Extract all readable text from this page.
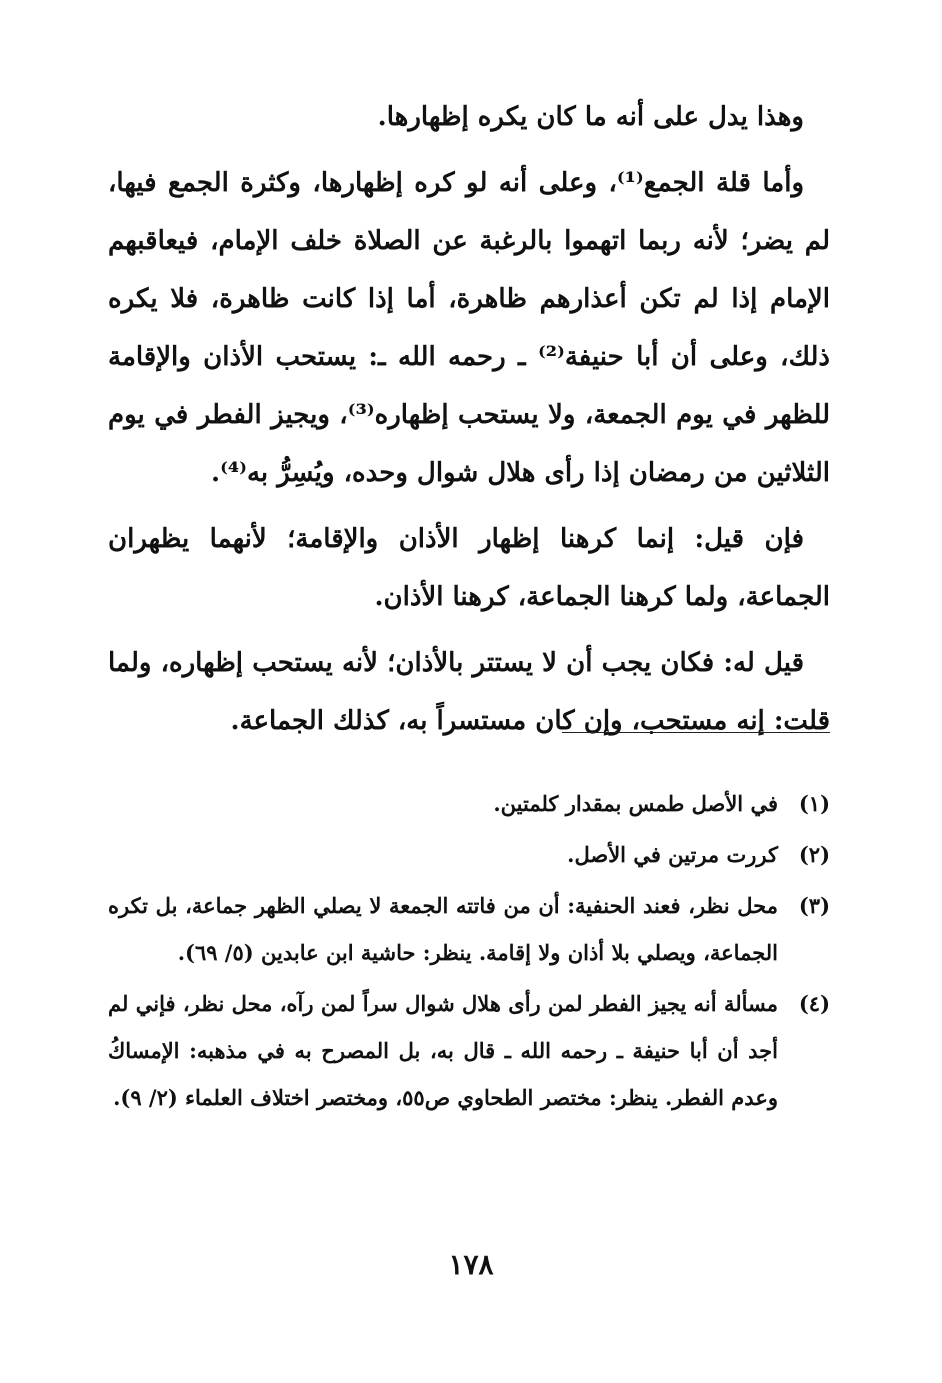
وهذا يدل على أنه ما كان يكره إظهارها.

وأما قلة الجمع⁽¹⁾، وعلى أنه لو كره إظهارها، وكثرة الجمع فيها، لم يضر؛ لأنه ربما اتهموا بالرغبة عن الصلاة خلف الإمام، فيعاقبهم الإمام إذا لم تكن أعذارهم ظاهرة، أما إذا كانت ظاهرة، فلا يكره ذلك، وعلى أن أبا حنيفة⁽²⁾ ـ رحمه الله ـ: يستحب الأذان والإقامة للظهر في يوم الجمعة، ولا يستحب إظهاره⁽³⁾، ويجيز الفطر في يوم الثلاثين من رمضان إذا رأى هلال شوال وحده، ويُسِرُّ به⁽⁴⁾.

فإن قيل: إنما كرهنا إظهار الأذان والإقامة؛ لأنهما يظهران الجماعة، ولما كرهنا الجماعة، كرهنا الأذان.

قيل له: فكان يجب أن لا يستتر بالأذان؛ لأنه يستحب إظهاره، ولما قلت: إنه مستحب، وإن كان مستسراً به، كذلك الجماعة.

(١)
في الأصل طمس بمقدار كلمتين.
(٢)
كررت مرتين في الأصل.
(٣)
محل نظر، فعند الحنفية: أن من فاتته الجمعة لا يصلي الظهر جماعة، بل تكره الجماعة، ويصلي بلا أذان ولا إقامة. ينظر: حاشية ابن عابدين (٥/ ٦٩).
(٤)
مسألة أنه يجيز الفطر لمن رأى هلال شوال سراً لمن رآه، محل نظر، فإني لم أجد أن أبا حنيفة ـ رحمه الله ـ قال به، بل المصرح به في مذهبه: الإمساكُ وعدم الفطر. ينظر: مختصر الطحاوي ص٥٥، ومختصر اختلاف العلماء (٢/ ٩).
١٧٨
